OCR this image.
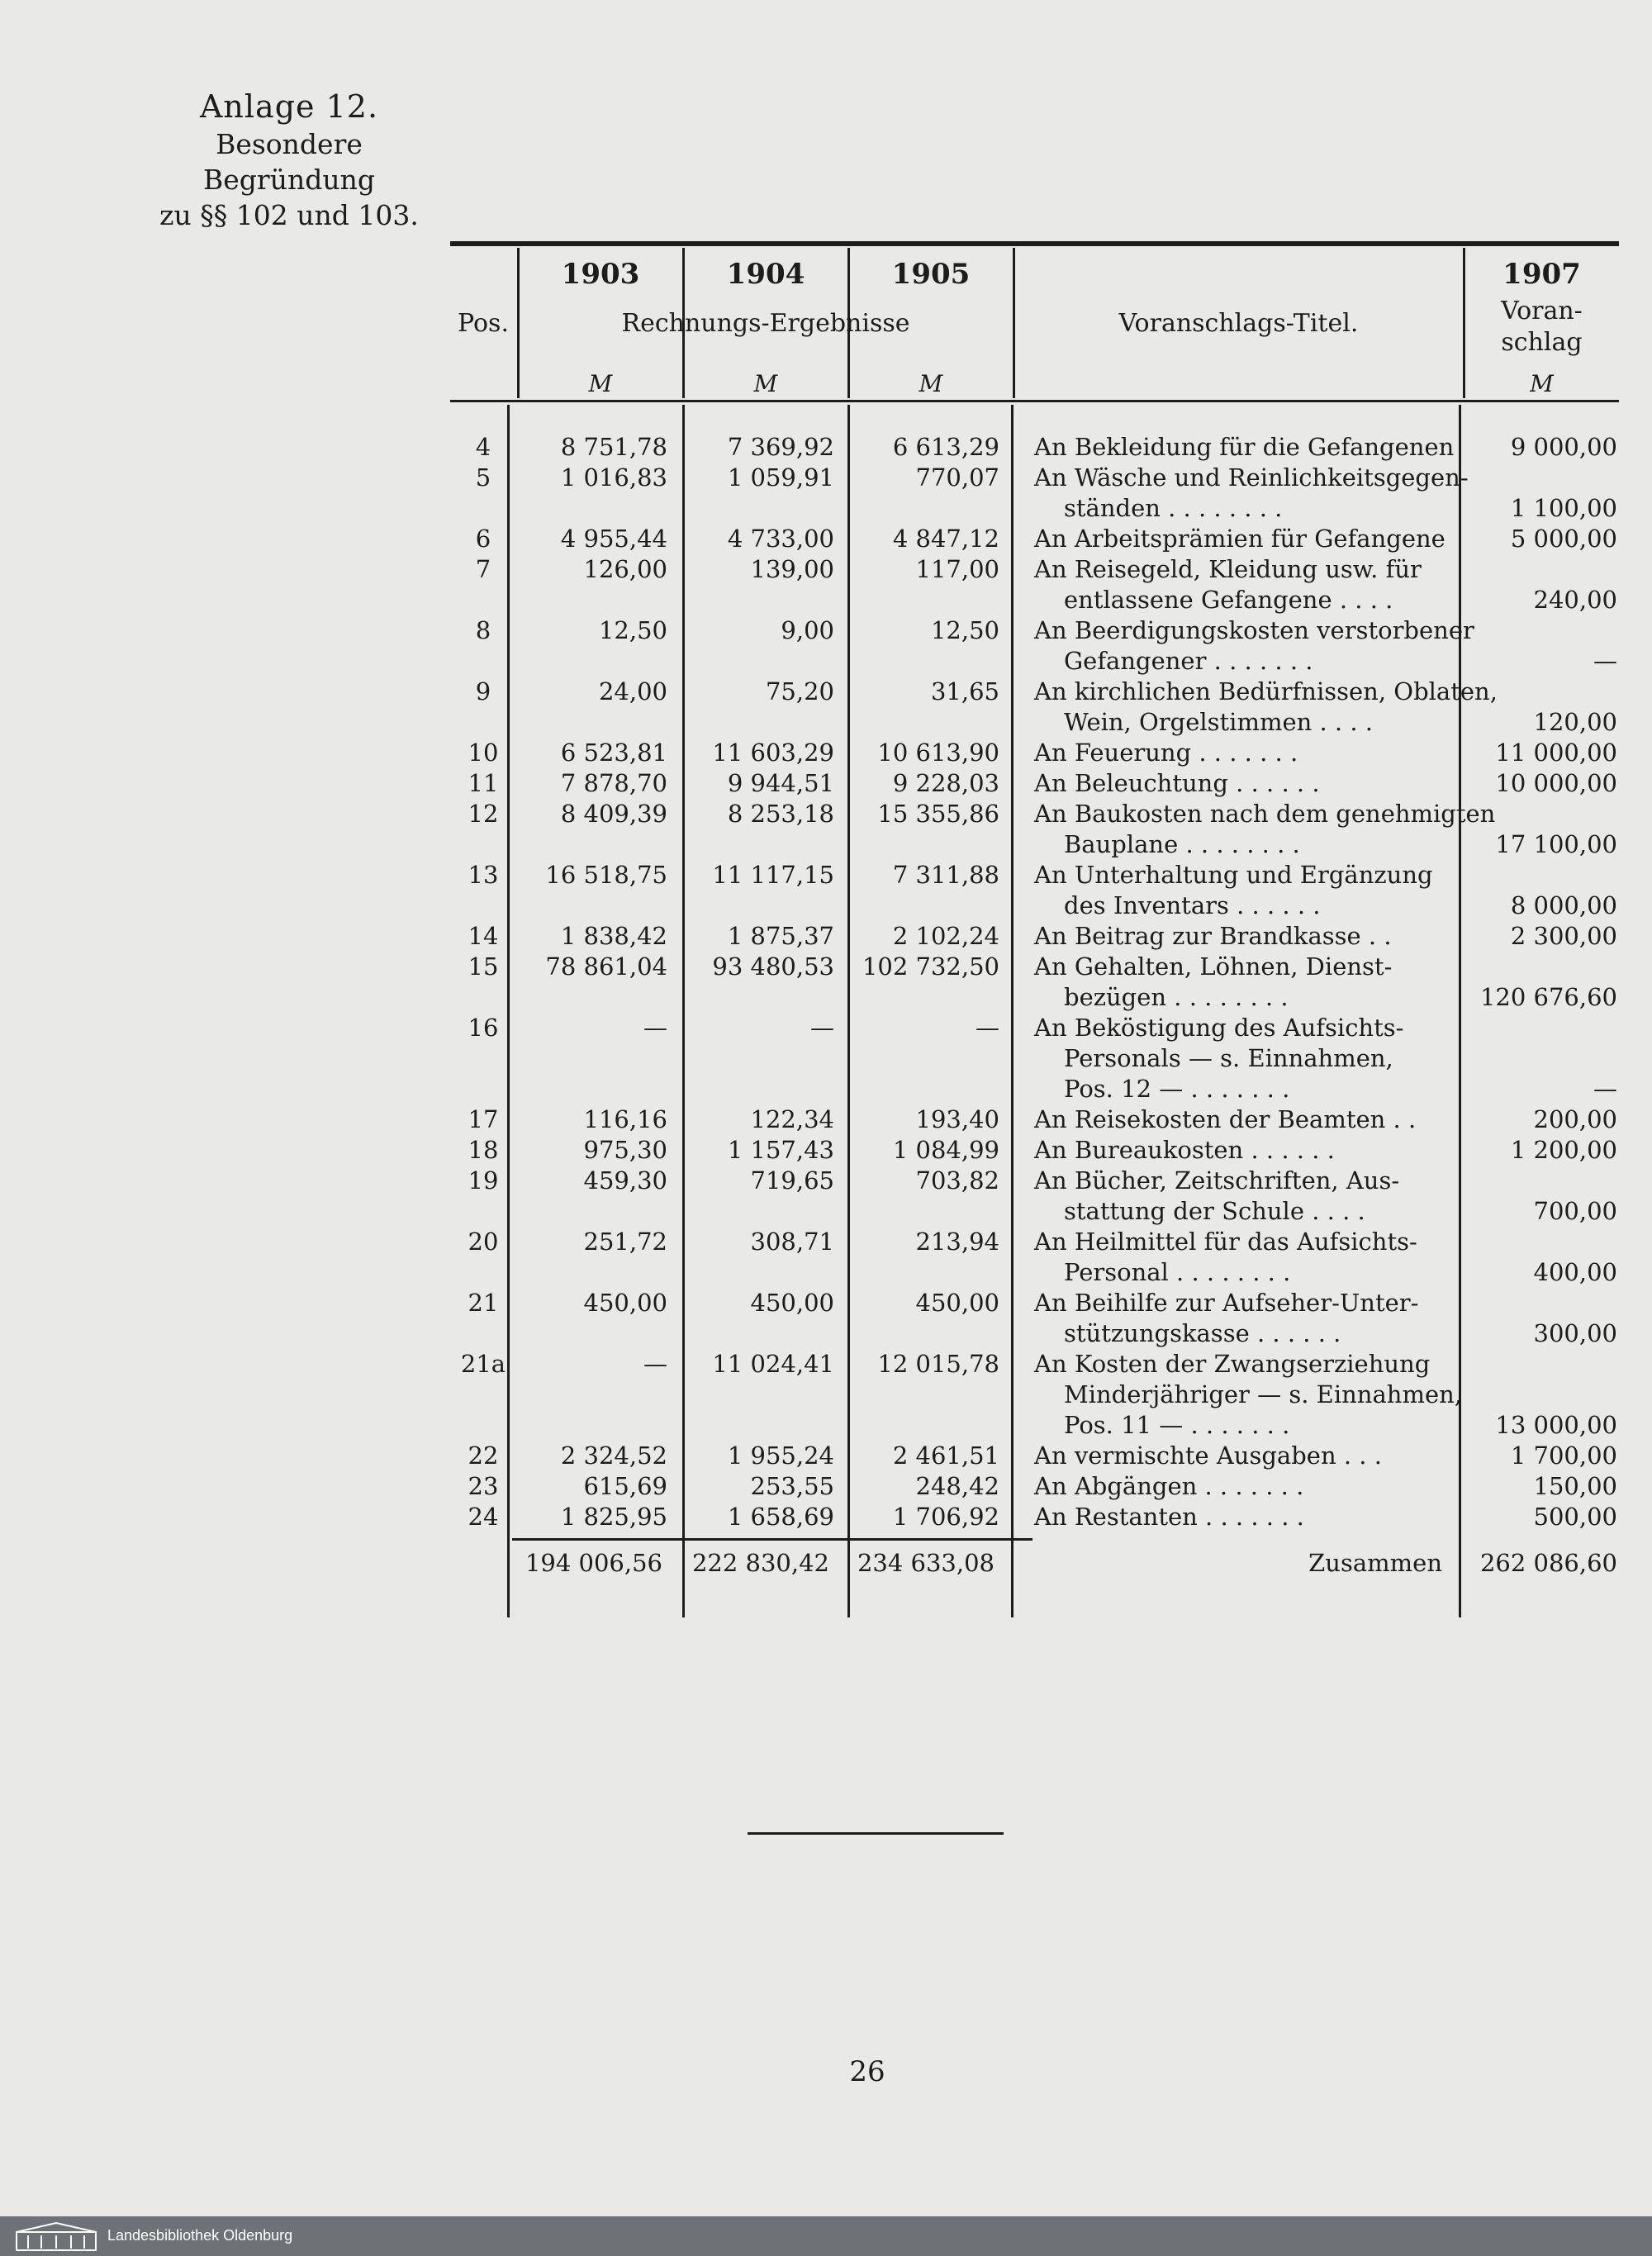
Anlage 12.
Besondere Begründung
zu §§ 102 und 103.
1903	1904	1905	1907
Pos.	Rechnungs-Ergebnisse	Voranschlags-Titel.	Voran-
schlag
M	M	M	M
4	8 751,78	7 369,92	6 613,29 An Bekleidung für die Gefangenen	9 000,00
5	1 016,83	1 059,91	770,07 An Wäsche und Reinlichkeitsgegen-
ständen . . . . . . . .	1 100,00
6	4 955,44	4 733,00	4 847,12 An Arbeitsprämien für Gefangene	5 000,00
7	126,00	139,00	117,00 An Reisegeld, Kleidung usw. für
entlassene Gefangene . . . .	240,00
8	12,50	9,00	12,50 An Beerdigungskosten verstorbener
Gefangener . . . . . . .	—
9	24,00	75,20	31,65 An kirchlichen Bedürfnissen, Oblaten,
Wein, Orgelstimmen . . . .	120,00
10	6 523,81	11 603,29	10 613,90 An Feuerung . . . . . . .	11 000,00
11	7 878,70	9 944,51	9 228,03 An Beleuchtung . . . . . .	10 000,00
12	8 409,39	8 253,18	15 355,86 An Baukosten nach dem genehmigten
Bauplane . . . . . . . .	17 100,00
13	16 518,75	11 117,15	7 311,88 An Unterhaltung und Ergänzung
des Inventars . . . . . .	8 000,00
14	1 838,42	1 875,37	2 102,24 An Beitrag zur Brandkasse . .	2 300,00
15	78 861,04	93 480,53	102 732,50 An Gehalten, Löhnen, Dienst-
bezügen . . . . . . . .	120 676,60
16	—	—	— An Beköstigung des Aufsichts-
Personals — s. Einnahmen,
Pos. 12 — . . . . . . .	—
17	116,16	122,34	193,40 An Reisekosten der Beamten . .	200,00
18	975,30	1 157,43	1 084,99 An Bureaukosten . . . . . .	1 200,00
19	459,30	719,65	703,82 An Bücher, Zeitschriften, Aus-
stattung der Schule . . . .	700,00
20	251,72	308,71	213,94 An Heilmittel für das Aufsichts-
Personal . . . . . . . .	400,00
21	450,00	450,00	450,00 An Beihilfe zur Aufseher-Unter-
stützungskasse . . . . . .	300,00
21a	—	11 024,41	12 015,78 An Kosten der Zwangserziehung
Minderjähriger — s. Einnahmen,
Pos. 11 — . . . . . . .	13 000,00
22	2 324,52	1 955,24	2 461,51 An vermischte Ausgaben . . .	1 700,00
23	615,69	253,55	248,42 An Abgängen . . . . . . .	150,00
24	1 825,95	1 658,69	1 706,92 An Restanten . . . . . . .	500,00
194 006,56	222 830,42	234 633,08	Zusammen	262 086,60
26
Landesbibliothek Oldenburg
